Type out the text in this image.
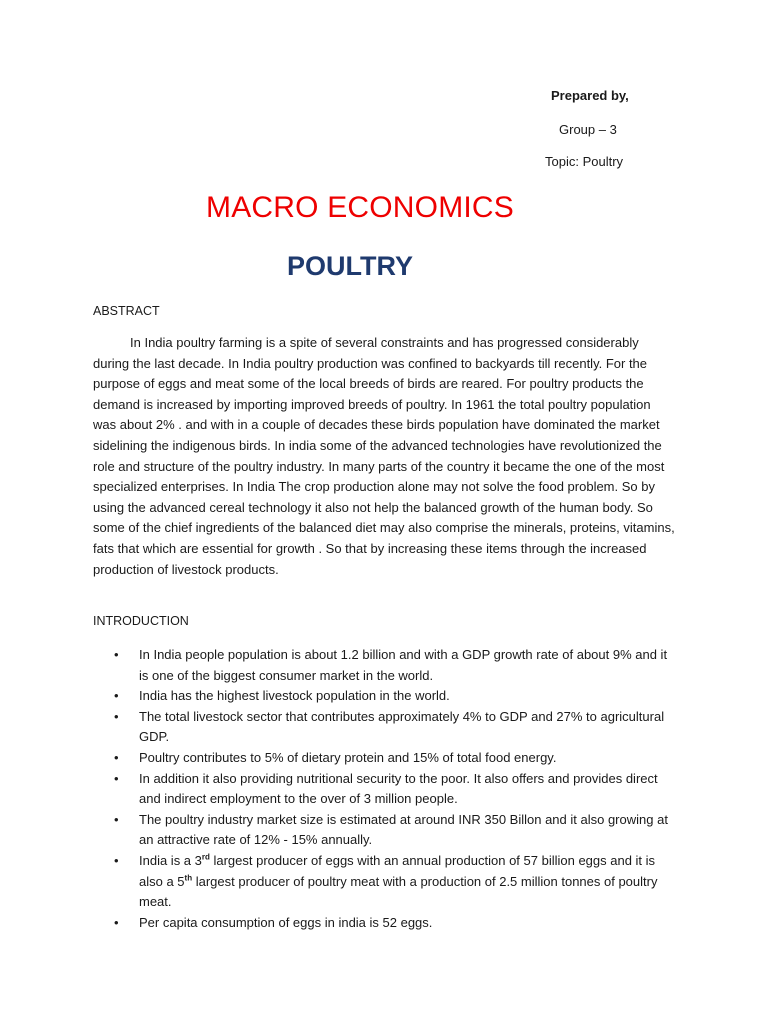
Prepared by,
Group – 3
Topic: Poultry
MACRO ECONOMICS
POULTRY
ABSTRACT

In India poultry farming is a spite of several constraints and has progressed considerably during the last decade. In India poultry production was confined to backyards till recently. For the purpose of eggs and meat some of the local breeds of birds are reared. For poultry products the demand is increased by importing improved breeds of poultry. In 1961 the total poultry population was about 2% . and with in a couple of decades these birds population have dominated the market sidelining the indigenous birds. In india some of the advanced technologies have revolutionized the role and structure of the poultry industry. In many parts of the country it became the one of the most specialized enterprises. In India The crop production alone may not solve the food problem. So by using the advanced cereal technology it also not help the balanced growth of the human body. So some of the chief ingredients of the balanced diet may also comprise the minerals, proteins, vitamins, fats that which are essential for growth . So that by increasing these items through the increased production of livestock products.

INTRODUCTION
• In India people population is about 1.2 billion and with a GDP growth rate of about 9% and it is one of the biggest consumer market in the world.
• India has the highest livestock population in the world.
• The total livestock sector that contributes approximately 4% to GDP and 27% to agricultural GDP.
• Poultry contributes to 5% of dietary protein and 15% of total food energy.
• In addition it also providing nutritional security to the poor. It also offers and provides direct and indirect employment to the over of 3 million people.
• The poultry industry market size is estimated at around INR 350 Billon and it also growing at an attractive rate of 12% - 15% annually.
• India is a 3rd largest producer of eggs with an annual production of 57 billion eggs and it is also a 5th largest producer of poultry meat with a production of 2.5 million tonnes of poultry meat.
• Per capita consumption of eggs in india is 52 eggs.
